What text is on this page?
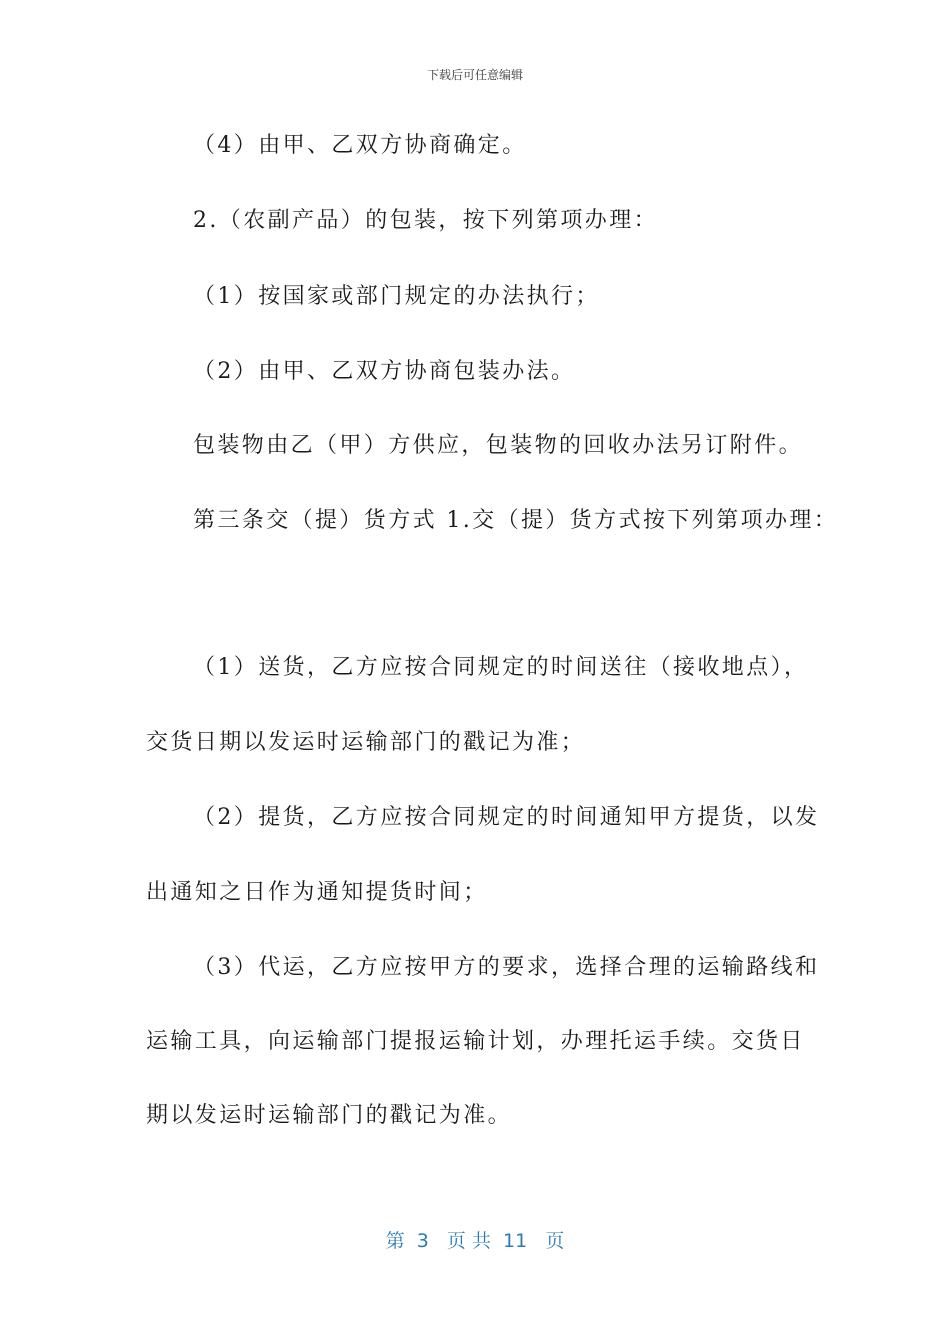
下载后可任意编辑
（4）由甲、乙双方协商确定。
2.（农副产品）的包装，按下列第项办理：
（1）按国家或部门规定的办法执行；
（2）由甲、乙双方协商包装办法。
包装物由乙（甲）方供应，包装物的回收办法另订附件。
第三条交（提）货方式 1.交（提）货方式按下列第项办理：
（1）送货，乙方应按合同规定的时间送往（接收地点），
交货日期以发运时运输部门的戳记为准；
（2）提货，乙方应按合同规定的时间通知甲方提货，以发
出通知之日作为通知提货时间；
（3）代运，乙方应按甲方的要求，选择合理的运输路线和
运输工具，向运输部门提报运输计划，办理托运手续。交货日
期以发运时运输部门的戳记为准。
第  3   页 共  11   页
